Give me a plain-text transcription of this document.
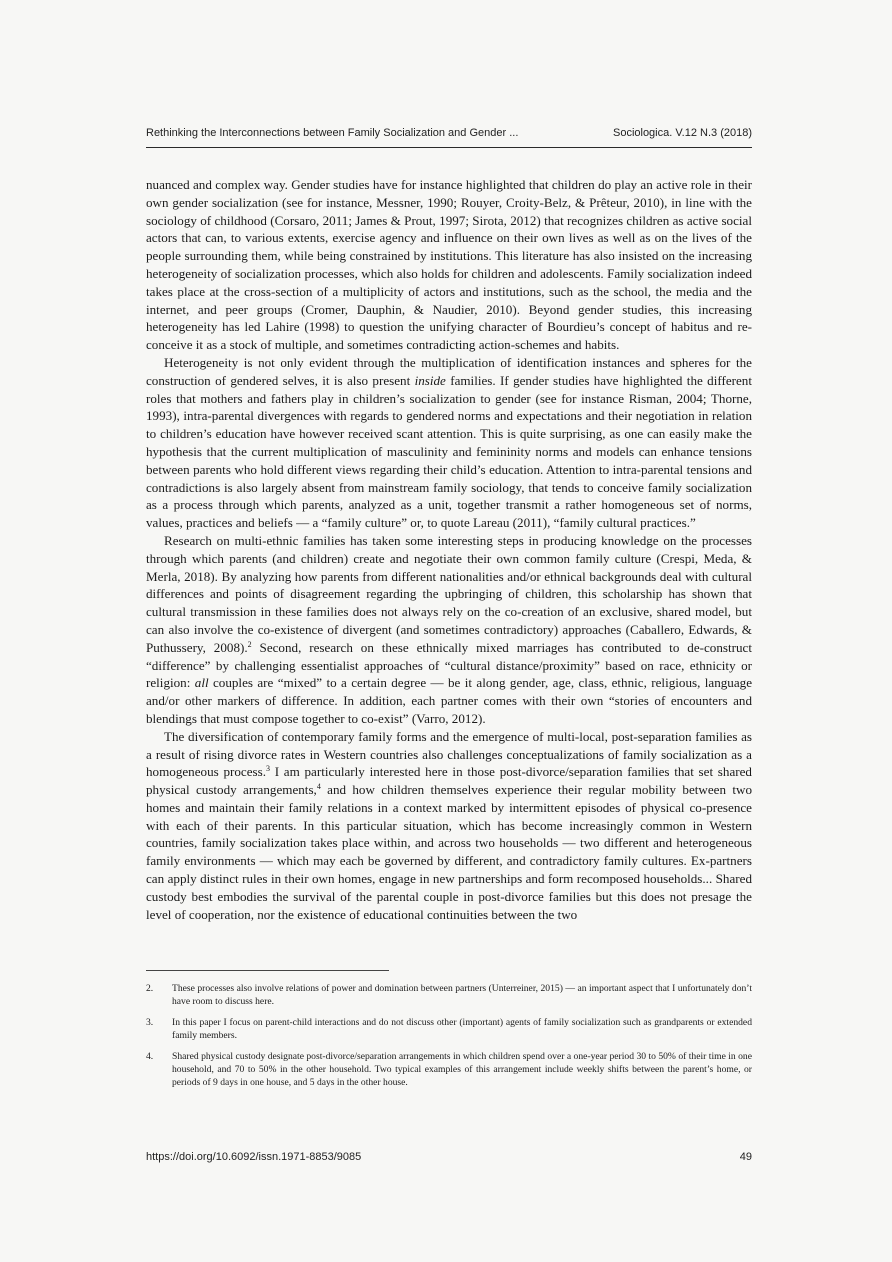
Rethinking the Interconnections between Family Socialization and Gender ...	Sociologica. V.12 N.3 (2018)

nuanced and complex way. Gender studies have for instance highlighted that children do play an active role in their own gender socialization (see for instance, Messner, 1990; Rouyer, Croity-Belz, & Prêteur, 2010), in line with the sociology of childhood (Corsaro, 2011; James & Prout, 1997; Sirota, 2012) that recognizes children as active social actors that can, to various extents, exercise agency and influence on their own lives as well as on the lives of the people surrounding them, while being constrained by institutions. This literature has also insisted on the increasing heterogeneity of socialization processes, which also holds for children and adolescents. Family socialization indeed takes place at the cross-section of a multiplicity of actors and institutions, such as the school, the media and the internet, and peer groups (Cromer, Dauphin, & Naudier, 2010). Beyond gender studies, this increasing heterogeneity has led Lahire (1998) to question the unifying character of Bourdieu’s concept of habitus and re-conceive it as a stock of multiple, and sometimes contradicting action-schemes and habits.

Heterogeneity is not only evident through the multiplication of identification instances and spheres for the construction of gendered selves, it is also present inside families. If gender studies have highlighted the different roles that mothers and fathers play in children’s socialization to gender (see for instance Risman, 2004; Thorne, 1993), intra-parental divergences with regards to gendered norms and expectations and their negotiation in relation to children’s education have however received scant attention. This is quite surprising, as one can easily make the hypothesis that the current multiplication of masculinity and femininity norms and models can enhance tensions between parents who hold different views regarding their child’s education. Attention to intra-parental tensions and contradictions is also largely absent from mainstream family sociology, that tends to conceive family socialization as a process through which parents, analyzed as a unit, together transmit a rather homogeneous set of norms, values, practices and beliefs — a “family culture” or, to quote Lareau (2011), “family cultural practices.”

Research on multi-ethnic families has taken some interesting steps in producing knowledge on the processes through which parents (and children) create and negotiate their own common family culture (Crespi, Meda, & Merla, 2018). By analyzing how parents from different nationalities and/or ethnical backgrounds deal with cultural differences and points of disagreement regarding the upbringing of children, this scholarship has shown that cultural transmission in these families does not always rely on the co-creation of an exclusive, shared model, but can also involve the co-existence of divergent (and sometimes contradictory) approaches (Caballero, Edwards, & Puthussery, 2008).$^2$ Second, research on these ethnically mixed marriages has contributed to de-construct “difference” by challenging essentialist approaches of “cultural distance/proximity” based on race, ethnicity or religion: all couples are “mixed” to a certain degree — be it along gender, age, class, ethnic, religious, language and/or other markers of difference. In addition, each partner comes with their own “stories of encounters and blendings that must compose together to co-exist” (Varro, 2012).

The diversification of contemporary family forms and the emergence of multi-local, post-separation families as a result of rising divorce rates in Western countries also challenges conceptualizations of family socialization as a homogeneous process.$^3$ I am particularly interested here in those post-divorce/separation families that set shared physical custody arrangements,$^4$ and how children themselves experience their regular mobility between two homes and maintain their family relations in a context marked by intermittent episodes of physical co-presence with each of their parents. In this particular situation, which has become increasingly common in Western countries, family socialization takes place within, and across two households — two different and heterogeneous family environments — which may each be governed by different, and contradictory family cultures. Ex-partners can apply distinct rules in their own homes, engage in new partnerships and form recomposed households... Shared custody best embodies the survival of the parental couple in post-divorce families but this does not presage the level of cooperation, nor the existence of educational continuities between the two

2.	These processes also involve relations of power and domination between partners (Unterreiner, 2015) — an important aspect that I unfortunately don’t have room to discuss here.
3.	In this paper I focus on parent-child interactions and do not discuss other (important) agents of family socialization such as grandparents or extended family members.
4.	Shared physical custody designate post-divorce/separation arrangements in which children spend over a one-year period 30 to 50% of their time in one household, and 70 to 50% in the other household. Two typical examples of this arrangement include weekly shifts between the parent’s home, or periods of 9 days in one house, and 5 days in the other house.
https://doi.org/10.6092/issn.1971-8853/9085	49
